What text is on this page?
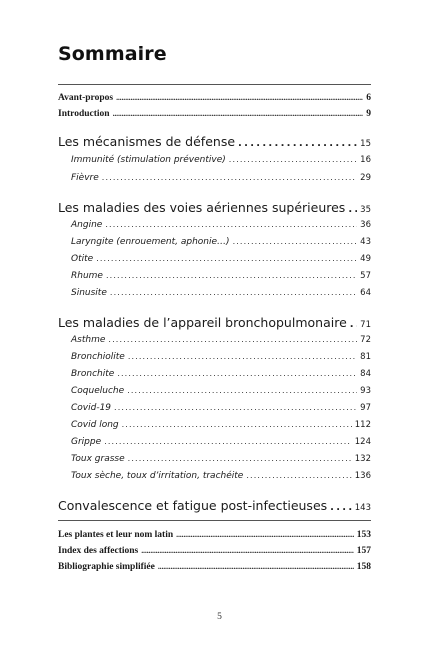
Sommaire
Avant-propos . . .	6
Introduction . . .	9
Les mécanismes de défense . . .	15
Immunité (stimulation préventive) . . .	16
Fièvre . . .	29
Les maladies des voies aériennes supérieures . . . 35
Angine . . .	36
Laryngite (enrouement, aphonie…) . . .	43
Otite . . .	49
Rhume . . .	57
Sinusite . . .	64
Les maladies de l’appareil bronchopulmonaire . . . 71
Asthme . . .	72
Bronchiolite . . .	81
Bronchite . . .	84
Coqueluche . . .	93
Covid-19 . . .	97
Covid long . . .	112
Grippe . . .	124
Toux grasse . . .	132
Toux sèche, toux d’irritation, trachéite . . .	136
Convalescence et fatigue post-infectieuses . . .	143
Les plantes et leur nom latin . . .	153
Index des affections . . .	157
Bibliographie simplifiée . . .	158
5
